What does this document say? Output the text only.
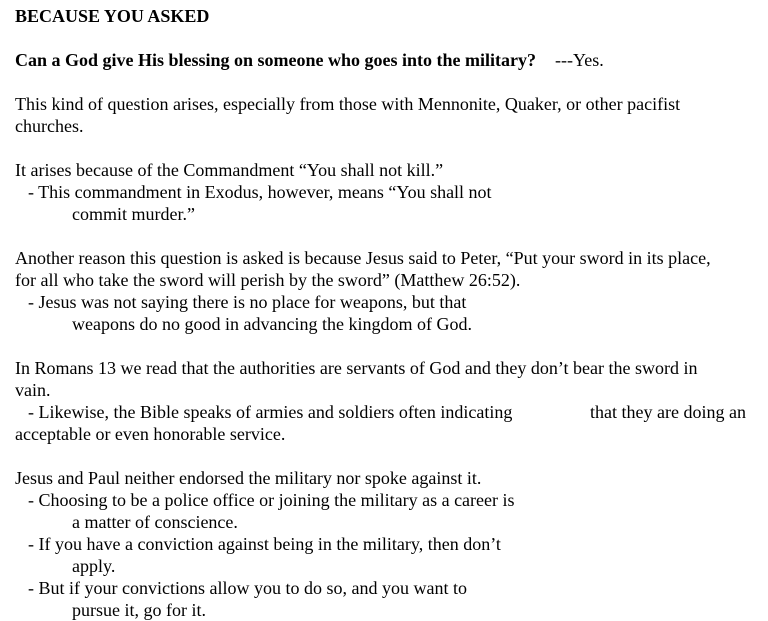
BECAUSE YOU ASKED
Can a God give His blessing on someone who goes into the military? ---Yes.
This kind of question arises, especially from those with Mennonite, Quaker, or other pacifist
churches.
It arises because of the Commandment “You shall not kill.”
- This commandment in Exodus, however, means “You shall not
commit murder.”
Another reason this question is asked is because Jesus said to Peter, “Put your sword in its place,
for all who take the sword will perish by the sword” (Matthew 26:52).
- Jesus was not saying there is no place for weapons, but that
weapons do no good in advancing the kingdom of God.
In Romans 13 we read that the authorities are servants of God and they don’t bear the sword in
vain.
- Likewise, the Bible speaks of armies and soldiers often indicating	that they are doing an
acceptable or even honorable service.
Jesus and Paul neither endorsed the military nor spoke against it.
- Choosing to be a police office or joining the military as a career is
a matter of conscience.
- If you have a conviction against being in the military, then don’t
apply.
- But if your convictions allow you to do so, and you want to
pursue it, go for it.
